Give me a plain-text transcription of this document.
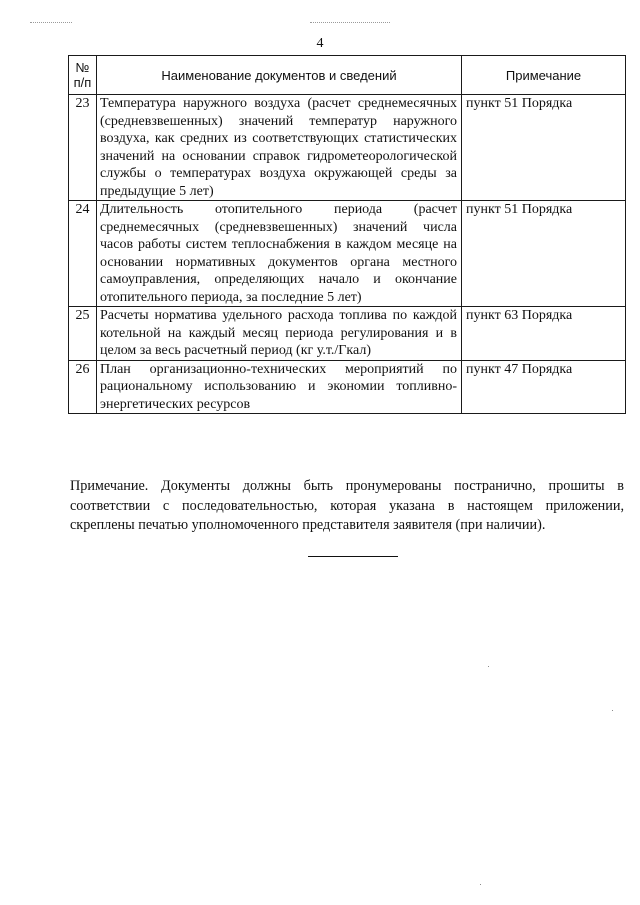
4
№ п/п	Наименование документов и сведений	Примечание
23	Температура наружного воздуха (расчет среднемесячных (средневзвешенных) значений температур наружного воздуха, как средних из соответствующих статистических значений на основании справок гидрометеорологической службы о температурах воздуха окружающей среды за предыдущие 5 лет)	пункт 51 Порядка
24	Длительность отопительного периода (расчет среднемесячных (средневзвешенных) значений числа часов работы систем теплоснабжения в каждом месяце на основании нормативных документов органа местного самоуправления, определяющих начало и окончание отопительного периода, за последние 5 лет)	пункт 51 Порядка
25	Расчеты норматива удельного расхода топлива по каждой котельной на каждый месяц периода регулирования и в целом за весь расчетный период (кг у.т./Гкал)	пункт 63 Порядка
26	План организационно-технических мероприятий по рациональному использованию и экономии топливно-энергетических ресурсов	пункт 47 Порядка

Примечание. Документы должны быть пронумерованы постранично, прошиты в соответствии с последовательностью, которая указана в настоящем приложении, скреплены печатью уполномоченного представителя заявителя (при наличии).
